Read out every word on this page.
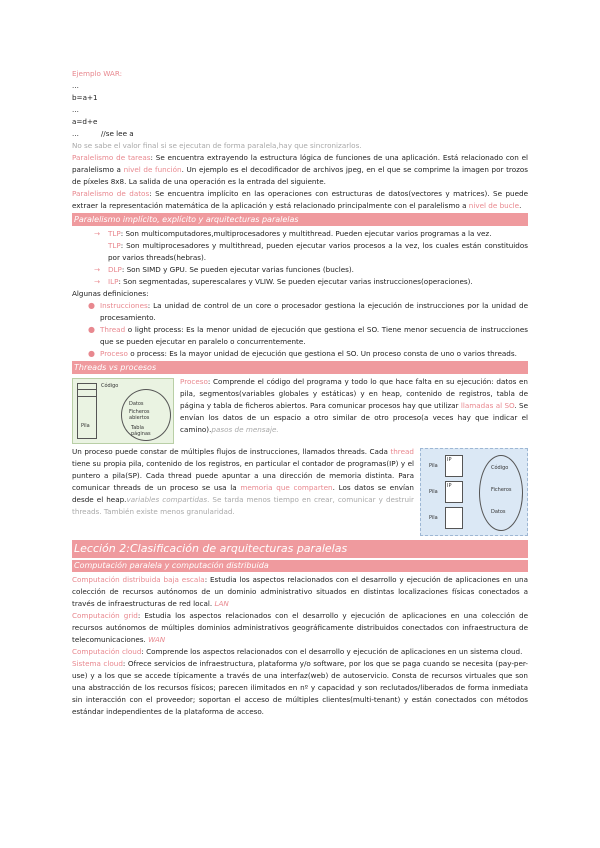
Ejemplo WAR:

...

b=a+1

...

a=d+e

...	//se lee a

No se sabe el valor final si se ejecutan de forma paralela,hay que sincronizarlos.

Paralelismo de tareas: Se encuentra extrayendo la estructura lógica de funciones de una aplicación. Está relacionado con el paralelismo a nivel de función. Un ejemplo es el decodificador de archivos jpeg, en el que se comprime la imagen por trozos de píxeles 8x8. La salida de una operación es la entrada del siguiente.

Paralelismo de datos: Se encuentra implícito en las operaciones con estructuras de datos(vectores y matrices). Se puede extraer la representación matemática de la aplicación y está relacionado principalmente con el paralelismo a nivel de bucle.

Paralelismo implícito, explícito y arquitecturas paralelas
→	TLP: Son multicomputadores,multiprocesadores y multithread. Pueden ejecutar varios programas a la vez.
TLP: Son multiprocesadores y multithread, pueden ejecutar varios procesos a la vez, los cuales están constituidos por varios threads(hebras).
→	DLP: Son SIMD y GPU. Se pueden ejecutar varias funciones (bucles).
→	ILP: Son segmentadas, superescalares y VLIW. Se pueden ejecutar varias instrucciones(operaciones).

Algunas definiciones:

● Instrucciones: La unidad de control de un core o procesador gestiona la ejecución de instrucciones por la unidad de procesamiento.
● Thread o light process: Es la menor unidad de ejecución que gestiona el SO. Tiene menor secuencia de instrucciones que se pueden ejecutar en paralelo o concurrentemente.
● Proceso o process: Es la mayor unidad de ejecución que gestiona el SO. Un proceso consta de uno o varios threads.
Threads vs procesos
Código
Pila
Datos
Ficheros abiertos
Tabla páginas

Proceso: Comprende el código del programa y todo lo que hace falta en su ejecución: datos en pila, segmentos(variables globales y estáticas) y en heap, contenido de registros, tabla de página y tabla de ficheros abiertos. Para comunicar procesos hay que utilizar llamadas al SO. Se envían los datos de un espacio a otro similar de otro proceso(a veces hay que indicar el camino).pasos de mensaje.

Pila
IP
Pila
IP
Pila
Código
Ficheros
Datos

Un proceso puede constar de múltiples flujos de instrucciones, llamados threads. Cada thread tiene su propia pila, contenido de los registros, en particular el contador de programas(IP) y el puntero a pila(SP). Cada thread puede apuntar a una dirección de memoria distinta. Para comunicar threads de un proceso se usa la memoria que comparten. Los datos se envían desde el heap.variables compartidas. Se tarda menos tiempo en crear, comunicar y destruir threads. También existe menos granularidad.

Lección 2:Clasificación de arquitecturas paralelas
Computación paralela y computación distribuida

Computación distribuida baja escala: Estudia los aspectos relacionados con el desarrollo y ejecución de aplicaciones en una colección de recursos autónomos de un dominio administrativo situados en distintas localizaciones físicas conectados a través de infraestructuras de red local. LAN

Computación grid: Estudia los aspectos relacionados con el desarrollo y ejecución de aplicaciones en una colección de recursos autónomos de múltiples dominios administrativos geográficamente distribuidos conectados con infraestructura de telecomunicaciones. WAN

Computación cloud: Comprende los aspectos relacionados con el desarrollo y ejecución de aplicaciones en un sistema cloud.

Sistema cloud: Ofrece servicios de infraestructura, plataforma y/o software, por los que se paga cuando se necesita (pay-per-use) y a los que se accede típicamente a través de una interfaz(web) de autoservicio. Consta de recursos virtuales que son una abstracción de los recursos físicos; parecen ilimitados en nº y capacidad y son reclutados/liberados de forma inmediata sin interacción con el proveedor; soportan el acceso de múltiples clientes(multi-tenant) y están conectados con métodos estándar independientes de la plataforma de acceso.
